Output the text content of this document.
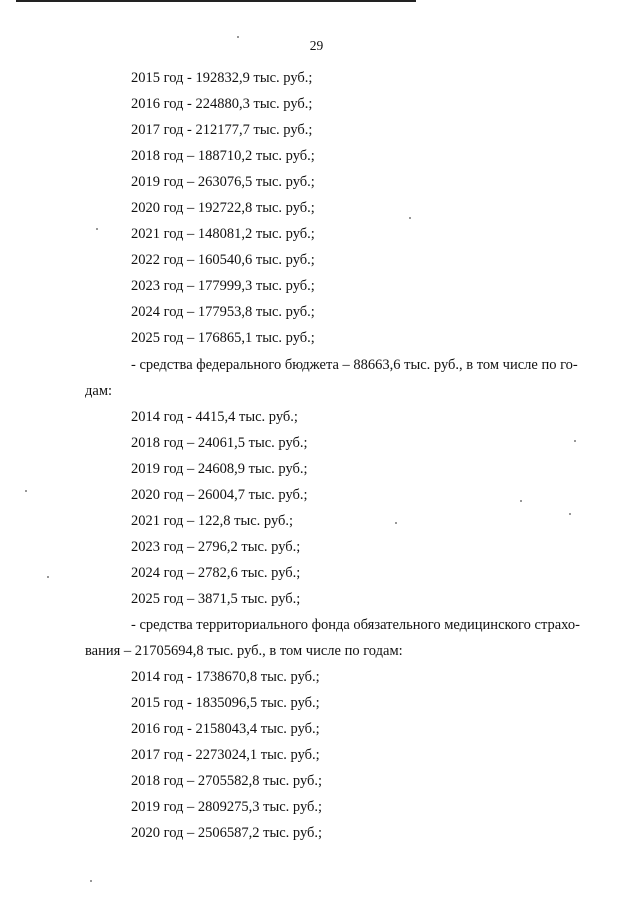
29
2015 год - 192832,9 тыс. руб.;
2016 год - 224880,3 тыс. руб.;
2017 год - 212177,7 тыс. руб.;
2018 год – 188710,2 тыс. руб.;
2019 год – 263076,5 тыс. руб.;
2020 год – 192722,8 тыс. руб.;
2021 год – 148081,2 тыс. руб.;
2022 год – 160540,6 тыс. руб.;
2023 год – 177999,3 тыс. руб.;
2024 год – 177953,8 тыс. руб.;
2025 год – 176865,1 тыс. руб.;
- средства федерального бюджета – 88663,6 тыс. руб., в том числе по го-
дам:
2014 год - 4415,4 тыс. руб.;
2018 год – 24061,5 тыс. руб.;
2019 год – 24608,9 тыс. руб.;
2020 год – 26004,7 тыс. руб.;
2021 год – 122,8 тыс. руб.;
2023 год – 2796,2 тыс. руб.;
2024 год – 2782,6 тыс. руб.;
2025 год – 3871,5 тыс. руб.;
- средства территориального фонда обязательного медицинского страхо-
вания – 21705694,8 тыс. руб., в том числе по годам:
2014 год - 1738670,8 тыс. руб.;
2015 год - 1835096,5 тыс. руб.;
2016 год - 2158043,4 тыс. руб.;
2017 год - 2273024,1 тыс. руб.;
2018 год – 2705582,8 тыс. руб.;
2019 год – 2809275,3 тыс. руб.;
2020 год – 2506587,2 тыс. руб.;
